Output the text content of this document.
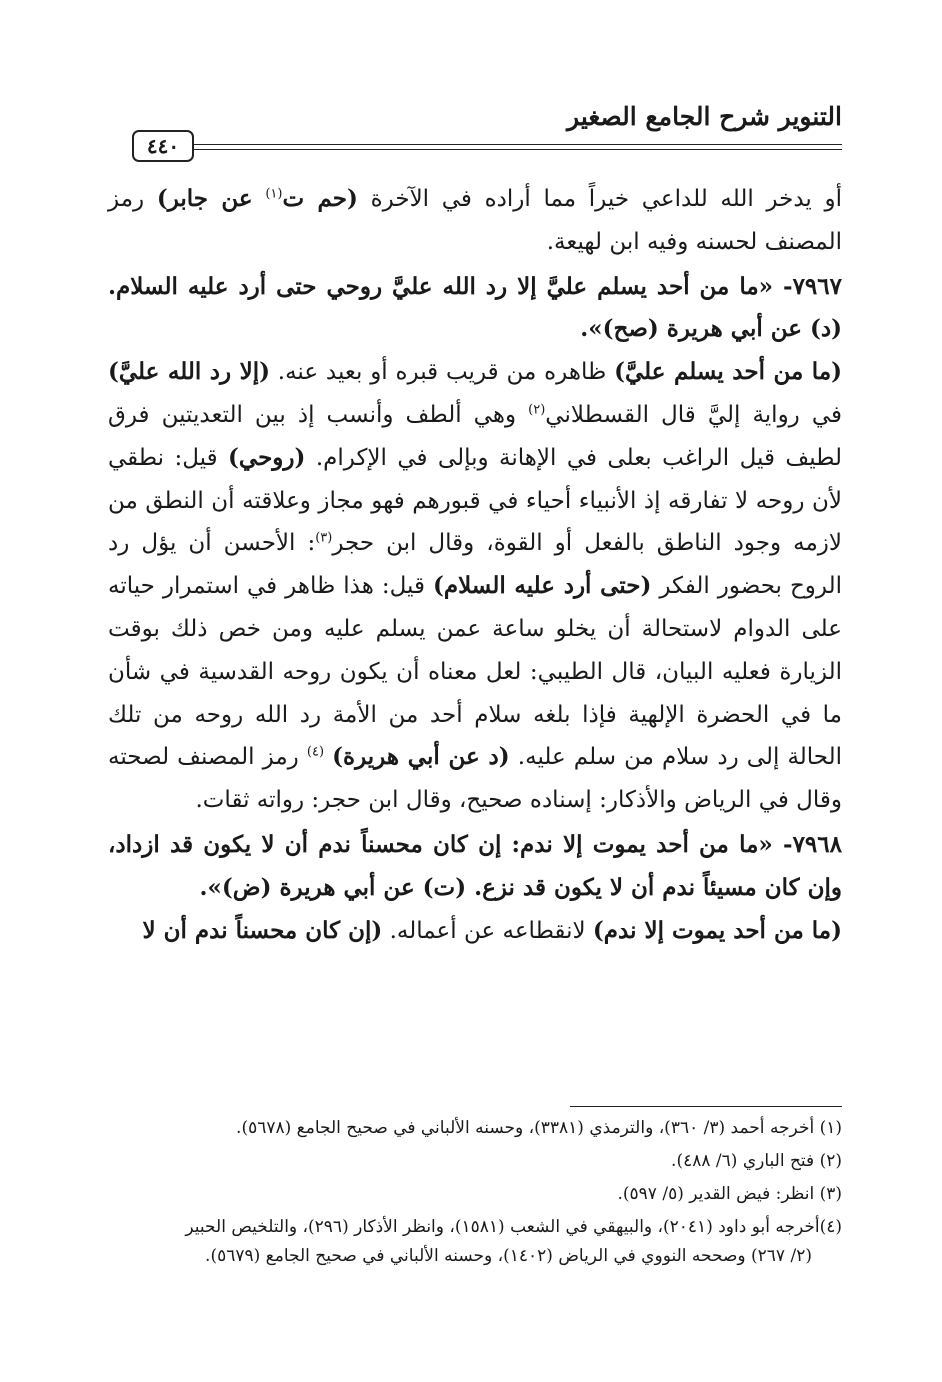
التنوير شرح الجامع الصغير
٤٤٠

أو يدخر الله للداعي خيراً مما أراده في الآخرة (حم ت$^{(١)}$ عن جابر) رمز المصنف لحسنه وفيه ابن لهيعة.

٧٩٦٧- «ما من أحد يسلم عليَّ إلا رد الله عليَّ روحي حتى أرد عليه السلام. (د) عن أبي هريرة (صح)».

(ما من أحد يسلم عليَّ) ظاهره من قريب قبره أو بعيد عنه. (إلا رد الله عليَّ) في رواية إليَّ قال القسطلاني$^{(٢)}$ وهي ألطف وأنسب إذ بين التعديتين فرق لطيف قيل الراغب بعلى في الإهانة وبإلى في الإكرام. (روحي) قيل: نطقي لأن روحه لا تفارقه إذ الأنبياء أحياء في قبورهم فهو مجاز وعلاقته أن النطق من لازمه وجود الناطق بالفعل أو القوة، وقال ابن حجر$^{(٣)}$: الأحسن أن يؤل رد الروح بحضور الفكر (حتى أرد عليه السلام) قيل: هذا ظاهر في استمرار حياته على الدوام لاستحالة أن يخلو ساعة عمن يسلم عليه ومن خص ذلك بوقت الزيارة فعليه البيان، قال الطيبي: لعل معناه أن يكون روحه القدسية في شأن ما في الحضرة الإلهية فإذا بلغه سلام أحد من الأمة رد الله روحه من تلك الحالة إلى رد سلام من سلم عليه. (د عن أبي هريرة) $^{(٤)}$ رمز المصنف لصحته وقال في الرياض والأذكار: إسناده صحيح، وقال ابن حجر: رواته ثقات.

٧٩٦٨- «ما من أحد يموت إلا ندم: إن كان محسناً ندم أن لا يكون قد ازداد، وإن كان مسيئاً ندم أن لا يكون قد نزع. (ت) عن أبي هريرة (ض)».

(ما من أحد يموت إلا ندم) لانقطاعه عن أعماله. (إن كان محسناً ندم أن لا

(١) أخرجه أحمد (٣/ ٣٦٠)، والترمذي (٣٣٨١)، وحسنه الألباني في صحيح الجامع (٥٦٧٨).

(٢) فتح الباري (٦/ ٤٨٨).

(٣) انظر: فيض القدير (٥/ ٥٩٧).

(٤)أخرجه أبو داود (٢٠٤١)، والبيهقي في الشعب (١٥٨١)، وانظر الأذكار (٢٩٦)، والتلخيص الحبير

(٢/ ٢٦٧) وصححه النووي في الرياض (١٤٠٢)، وحسنه الألباني في صحيح الجامع (٥٦٧٩).
